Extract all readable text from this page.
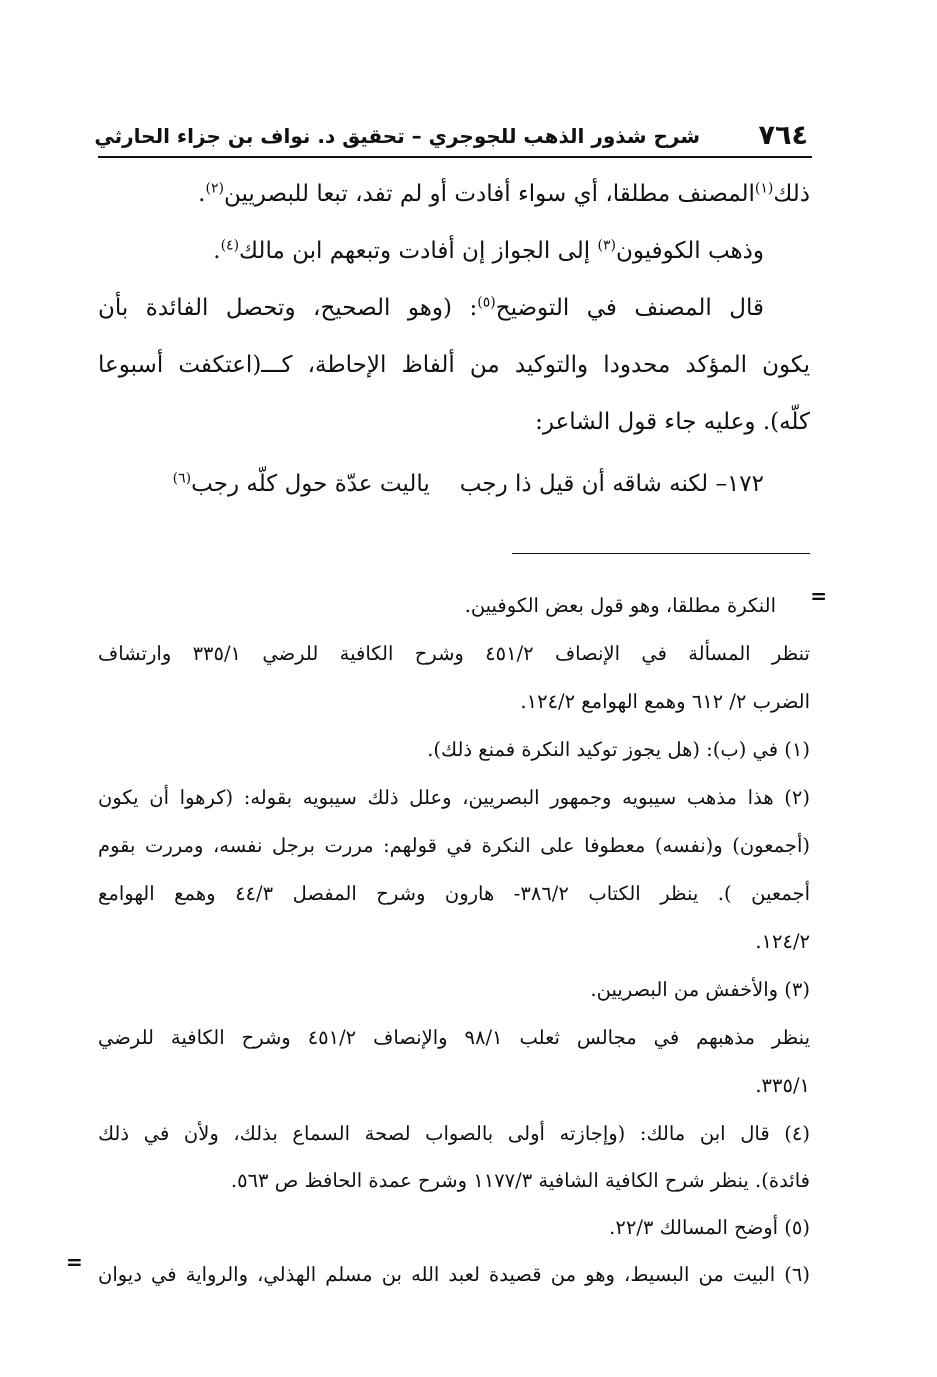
٧٦٤
شرح شذور الذهب للجوجري – تحقيق د. نواف بن جزاء الحارثي
ذلك$^{(١)}$المصنف مطلقا، أي سواء أفادت أو لم تفد، تبعا للبصريين$^{(٢)}$.
وذهب الكوفيون$^{(٣)}$ إلى الجواز إن أفادت وتبعهم ابن مالك$^{(٤)}$.
قال المصنف في التوضيح$^{(٥)}$: (وهو الصحيح، وتحصل الفائدة بأن
يكون المؤكد محدودا والتوكيد من ألفاظ الإحاطة، كـــ(اعتكفت أسبوعا
كلّه). وعليه جاء قول الشاعر:
١٧٢– لكنه شاقه أن قيل ذا رجبياليت عدّة حول كلّه رجب$^{(٦)}$
=
النكرة مطلقا، وهو قول بعض الكوفيين.
تنظر المسألة في الإنصاف ٤٥١/٢ وشرح الكافية للرضي ٣٣٥/١ وارتشاف
الضرب ٢/ ٦١٢ وهمع الهوامع ١٢٤/٢.
(١) في (ب): (هل يجوز توكيد النكرة فمنع ذلك).
(٢) هذا مذهب سيبويه وجمهور البصريين، وعلل ذلك سيبويه بقوله: (كرهوا أن يكون
(أجمعون) و(نفسه) معطوفا على النكرة في قولهم: مررت برجل نفسه، ومررت بقوم
أجمعين ). ينظر الكتاب ٣٨٦/٢- هارون وشرح المفصل ٤٤/٣ وهمع الهوامع
١٢٤/٢.
(٣) والأخفش من البصريين.
ينظر مذهبهم في مجالس ثعلب ٩٨/١ والإنصاف ٤٥١/٢ وشرح الكافية للرضي
٣٣٥/١.
(٤) قال ابن مالك: (وإجازته أولى بالصواب لصحة السماع بذلك، ولأن في ذلك
فائدة). ينظر شرح الكافية الشافية ١١٧٧/٣ وشرح عمدة الحافظ ص ٥٦٣.
(٥) أوضح المسالك ٢٢/٣.
(٦) البيت من البسيط، وهو من قصيدة لعبد الله بن مسلم الهذلي، والرواية في ديوان
=
